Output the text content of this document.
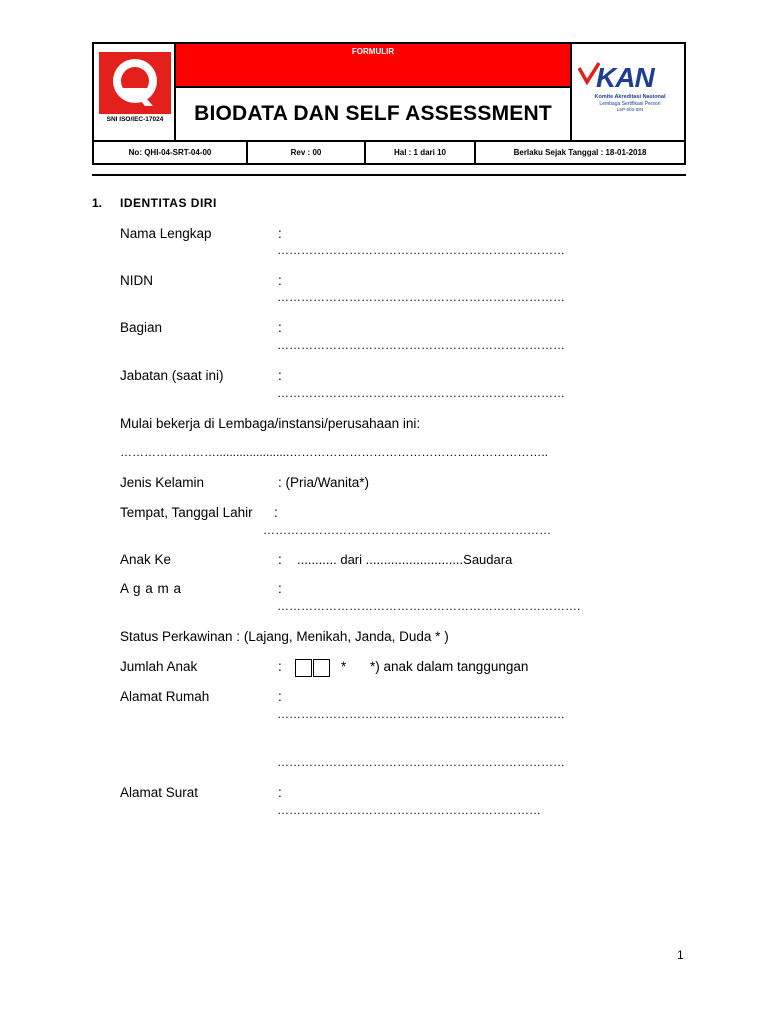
SNI ISO/IEC-17024
FORMULIR
BIODATA DAN SELF ASSESSMENT
KAN
Komite Akreditasi Nasional
Lembaga Sertifikasi Person
LSP-003-IDN
No: QHI-04-SRT-04-00	Rev : 00	Hal : 1 dari 10	Berlaku Sejak Tanggal : 18-01-2018
1. IDENTITAS DIRI
Nama Lengkap	:
………………………………………………………………
NIDN	:
………………………………………………………………
Bagian	:
………………………………………………………………
Jabatan (saat ini)	:
………………………………………………………………
Mulai bekerja di Lembaga/instansi/perusahaan ini:
……………………......................………………………………………………………..
Jenis Kelamin	: (Pria/Wanita*)
Tempat, Tanggal Lahir :
………………………………………………………………
Anak Ke	: ........... dari ...........................Saudara
A g a m a	:
………………………………………………………………….
Status Perkawinan : (Lajang, Menikah, Janda, Duda * )
Jumlah Anak	:	* *) anak dalam tanggungan
Alamat Rumah	:
………………………………………………………………
………………………………………………………………
Alamat Surat	:
…………………………………………………………
1
